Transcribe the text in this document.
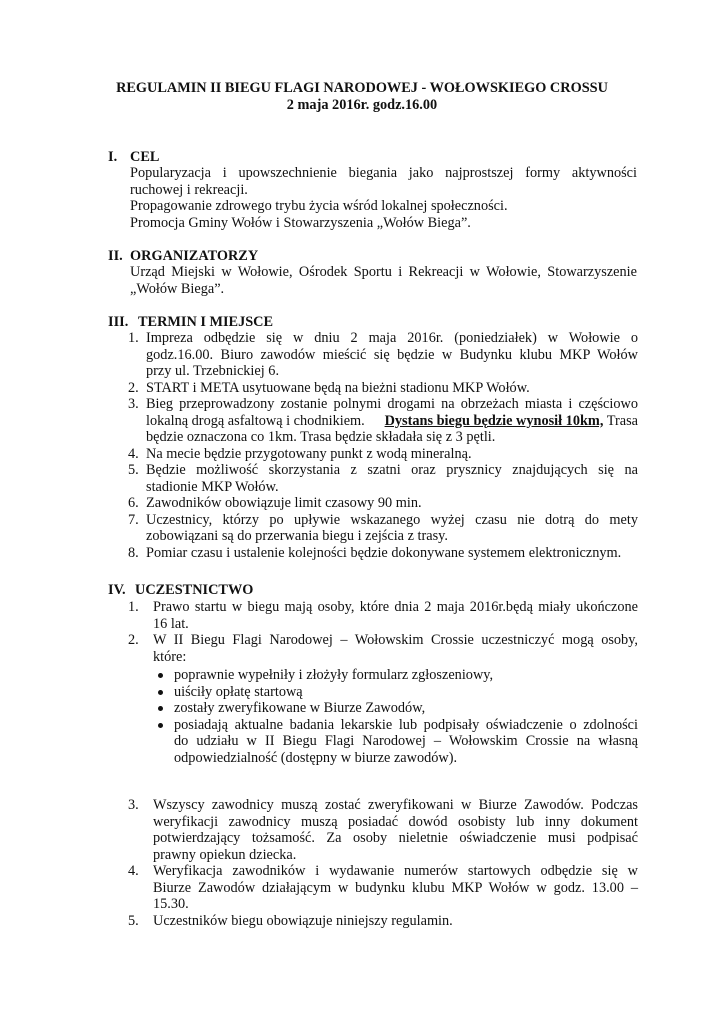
REGULAMIN II BIEGU FLAGI NARODOWEJ - WOŁOWSKIEGO CROSSU
2 maja 2016r. godz.16.00
I. CEL
Popularyzacja i upowszechnienie biegania jako najprostszej formy aktywności
ruchowej i rekreacji.
Propagowanie zdrowego trybu życia wśród lokalnej społeczności.
Promocja Gminy Wołów i Stowarzyszenia „Wołów Biega”.
II. ORGANIZATORZY
Urząd Miejski w Wołowie, Ośrodek Sportu i Rekreacji w Wołowie, Stowarzyszenie
„Wołów Biega”.
III. TERMIN I MIEJSCE
1. Impreza odbędzie się w dniu 2 maja 2016r. (poniedziałek) w Wołowie o
godz.16.00. Biuro zawodów mieścić się będzie w Budynku klubu MKP Wołów
przy ul. Trzebnickiej 6.
2. START i META usytuowane będą na bieżni stadionu MKP Wołów.
3. Bieg przeprowadzony zostanie polnymi drogami na obrzeżach miasta i częściowo
lokalną drogą asfaltową i chodnikiem. Dystans biegu będzie wynosił 10km, Trasa
będzie oznaczona co 1km. Trasa będzie składała się z 3 pętli.
4. Na mecie będzie przygotowany punkt z wodą mineralną.
5. Będzie możliwość skorzystania z szatni oraz prysznicy znajdujących się na
stadionie MKP Wołów.
6. Zawodników obowiązuje limit czasowy 90 min.
7. Uczestnicy, którzy po upływie wskazanego wyżej czasu nie dotrą do mety
zobowiązani są do przerwania biegu i zejścia z trasy.
8. Pomiar czasu i ustalenie kolejności będzie dokonywane systemem elektronicznym.
IV. UCZESTNICTWO
1. Prawo startu w biegu mają osoby, które dnia 2 maja 2016r.będą miały ukończone
16 lat.
2. W II Biegu Flagi Narodowej – Wołowskim Crossie uczestniczyć mogą osoby,
które:
poprawnie wypełniły i złożyły formularz zgłoszeniowy,
uiściły opłatę startową
zostały zweryfikowane w Biurze Zawodów,
posiadają aktualne badania lekarskie lub podpisały oświadczenie o zdolności
do udziału w II Biegu Flagi Narodowej – Wołowskim Crossie na własną
odpowiedzialność (dostępny w biurze zawodów).
3. Wszyscy zawodnicy muszą zostać zweryfikowani w Biurze Zawodów. Podczas
weryfikacji zawodnicy muszą posiadać dowód osobisty lub inny dokument
potwierdzający tożsamość. Za osoby nieletnie oświadczenie musi podpisać
prawny opiekun dziecka.
4. Weryfikacja zawodników i wydawanie numerów startowych odbędzie się w
Biurze Zawodów działającym w budynku klubu MKP Wołów w godz. 13.00 –
15.30.
5. Uczestników biegu obowiązuje niniejszy regulamin.
